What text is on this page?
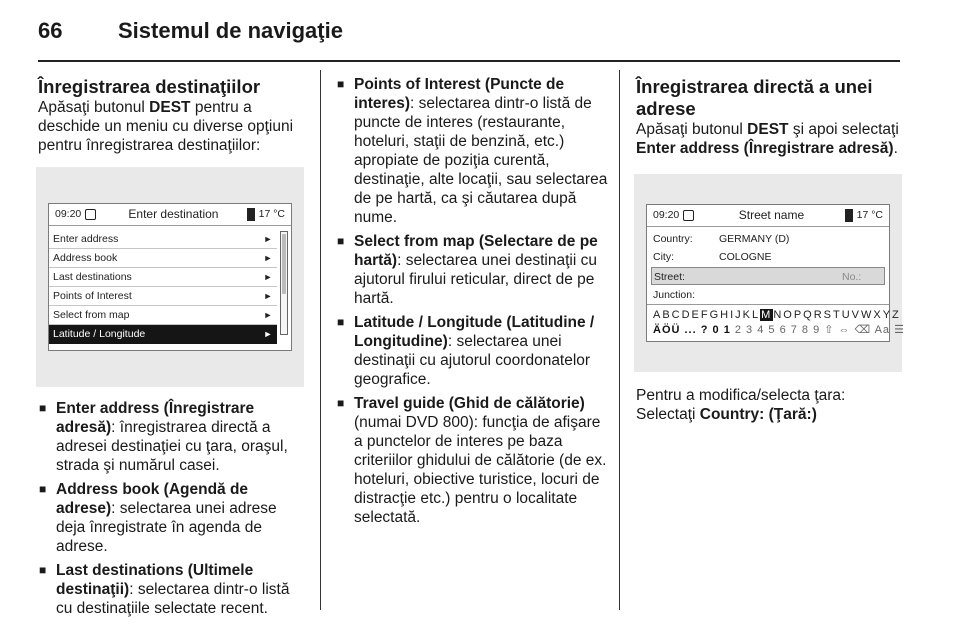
66	Sistemul de navigaţie
Înregistrarea destinaţiilor

Apăsaţi butonul DEST pentru a deschide un meniu cu diverse opţiuni pentru înregistrarea destinaţiilor:

09:20	Enter destination	17 °C
Enter address	►
Address book	►
Last destinations	►
Points of Interest	►
Select from map	►
Latitude / Longitude	►
■ Enter address (Înregistrare adresă): înregistrarea directă a adresei destinaţiei cu ţara, oraşul, strada şi numărul casei.
■ Address book (Agendă de adrese): selectarea unei adrese deja înregistrate în agenda de adrese.
■ Last destinations (Ultimele destinaţii): selectarea dintr-o listă cu destinaţiile selectate recent.
■ Points of Interest (Puncte de interes): selectarea dintr-o listă de puncte de interes (restaurante, hoteluri, staţii de benzină, etc.) apropiate de poziţia curentă, destinaţie, alte locaţii, sau selectarea de pe hartă, ca şi căutarea după nume.
■ Select from map (Selectare de pe hartă): selectarea unei destinaţii cu ajutorul firului reticular, direct de pe hartă.
■ Latitude / Longitude (Latitudine / Longitudine): selectarea unei destinaţii cu ajutorul coordonatelor geografice.
■ Travel guide (Ghid de călătorie) (numai DVD 800): funcţia de afişare a punctelor de interes pe baza criteriilor ghidului de călătorie (de ex. hoteluri, obiective turistice, locuri de distracţie etc.) pentru o localitate selectată.
Înregistrarea directă a unei adrese

Apăsaţi butonul DEST şi apoi selectaţi Enter address (Înregistrare adresă).

09:20	Street name	17 °C
Country:	GERMANY (D)
City:	COLOGNE
Street:	No.:
Junction:
ABCDEFGHIJKLMNOPQRSTUVWXYZ
ÄÖÜ ... ? 0 1 2 3 4 5 6 7 8 9 ⇧ ⇔ ⌫ Aa ☰

Pentru a modifica/selecta ţara: Selectaţi Country: (Ţară:)
